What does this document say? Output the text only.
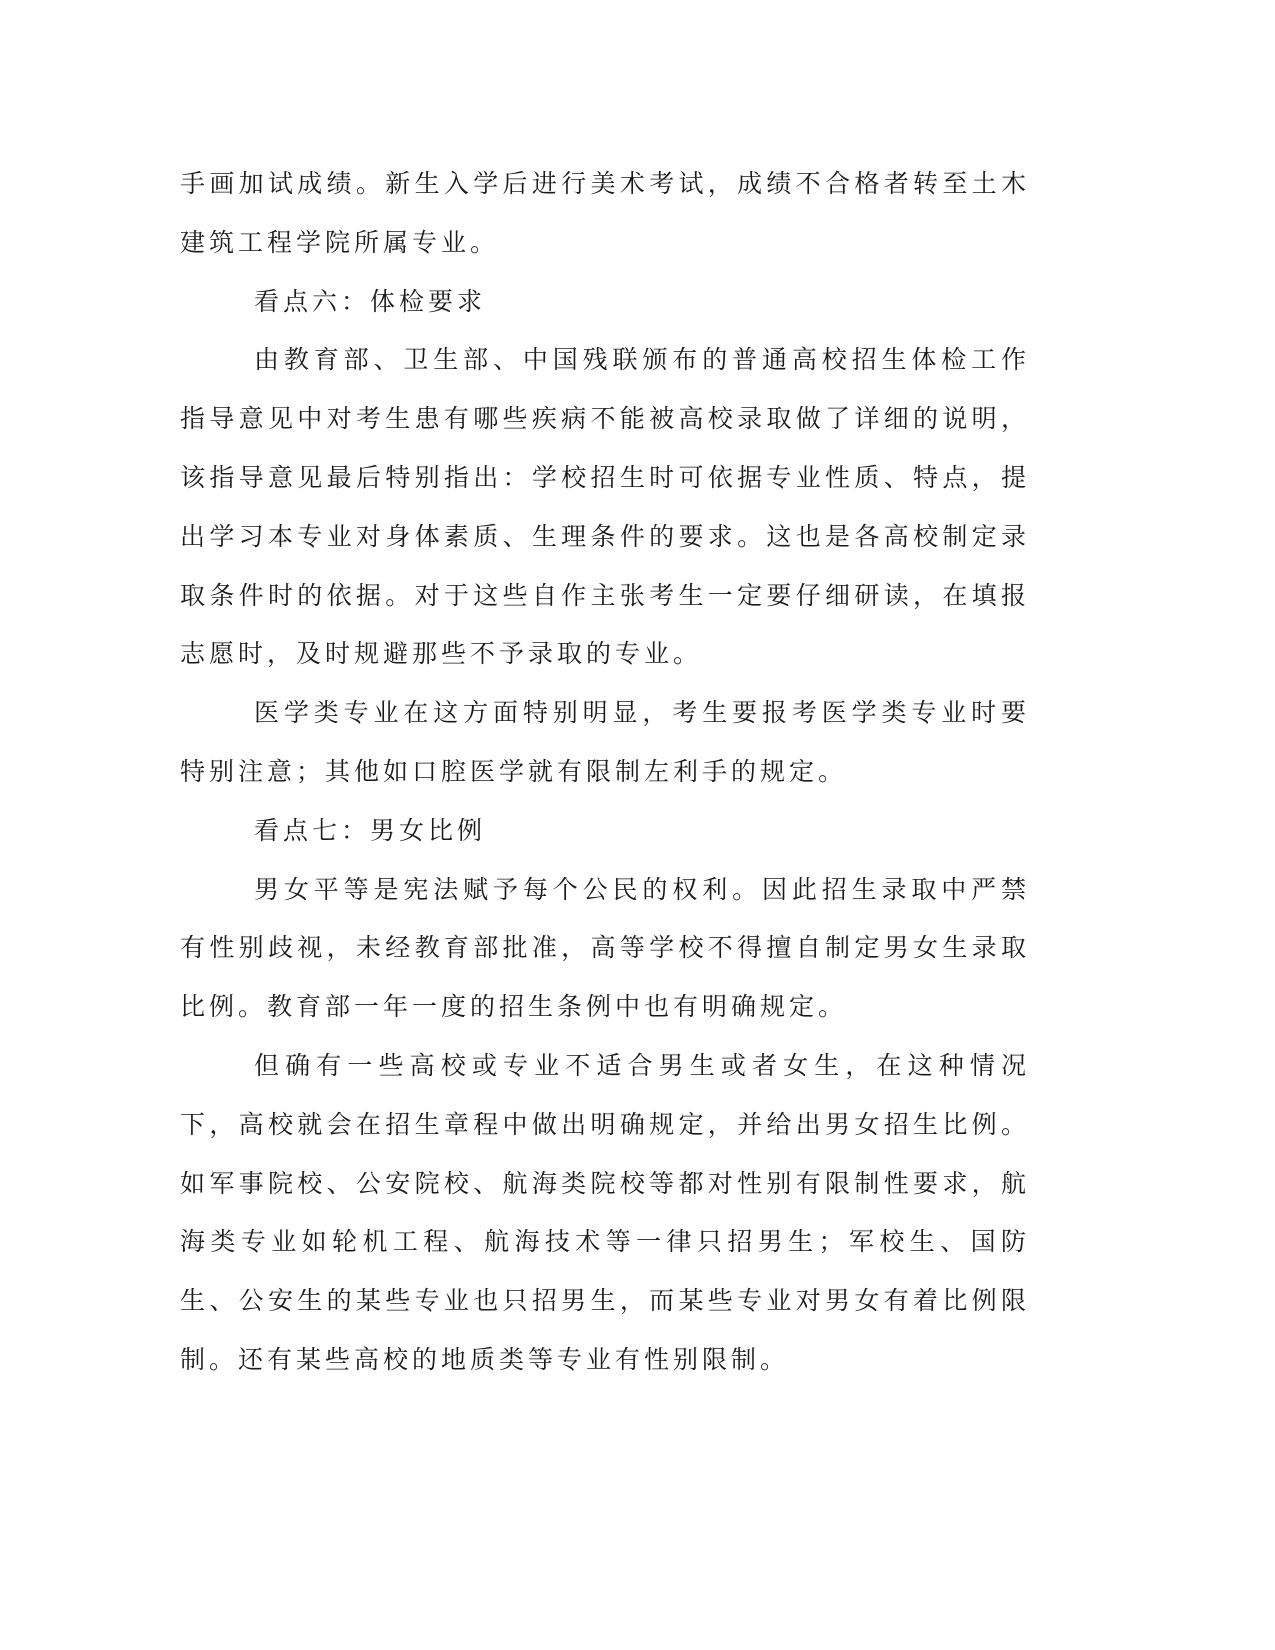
手画加试成绩。新生入学后进行美术考试，成绩不合格者转至土木建筑工程学院所属专业。

看点六：体检要求

由教育部、卫生部、中国残联颁布的普通高校招生体检工作指导意见中对考生患有哪些疾病不能被高校录取做了详细的说明，该指导意见最后特别指出：学校招生时可依据专业性质、特点，提出学习本专业对身体素质、生理条件的要求。这也是各高校制定录取条件时的依据。对于这些自作主张考生一定要仔细研读，在填报志愿时，及时规避那些不予录取的专业。

医学类专业在这方面特别明显，考生要报考医学类专业时要特别注意；其他如口腔医学就有限制左利手的规定。

看点七：男女比例

男女平等是宪法赋予每个公民的权利。因此招生录取中严禁有性别歧视，未经教育部批准，高等学校不得擅自制定男女生录取比例。教育部一年一度的招生条例中也有明确规定。

但确有一些高校或专业不适合男生或者女生，在这种情况下，高校就会在招生章程中做出明确规定，并给出男女招生比例。如军事院校、公安院校、航海类院校等都对性别有限制性要求，航海类专业如轮机工程、航海技术等一律只招男生；军校生、国防生、公安生的某些专业也只招男生，而某些专业对男女有着比例限制。还有某些高校的地质类等专业有性别限制。
